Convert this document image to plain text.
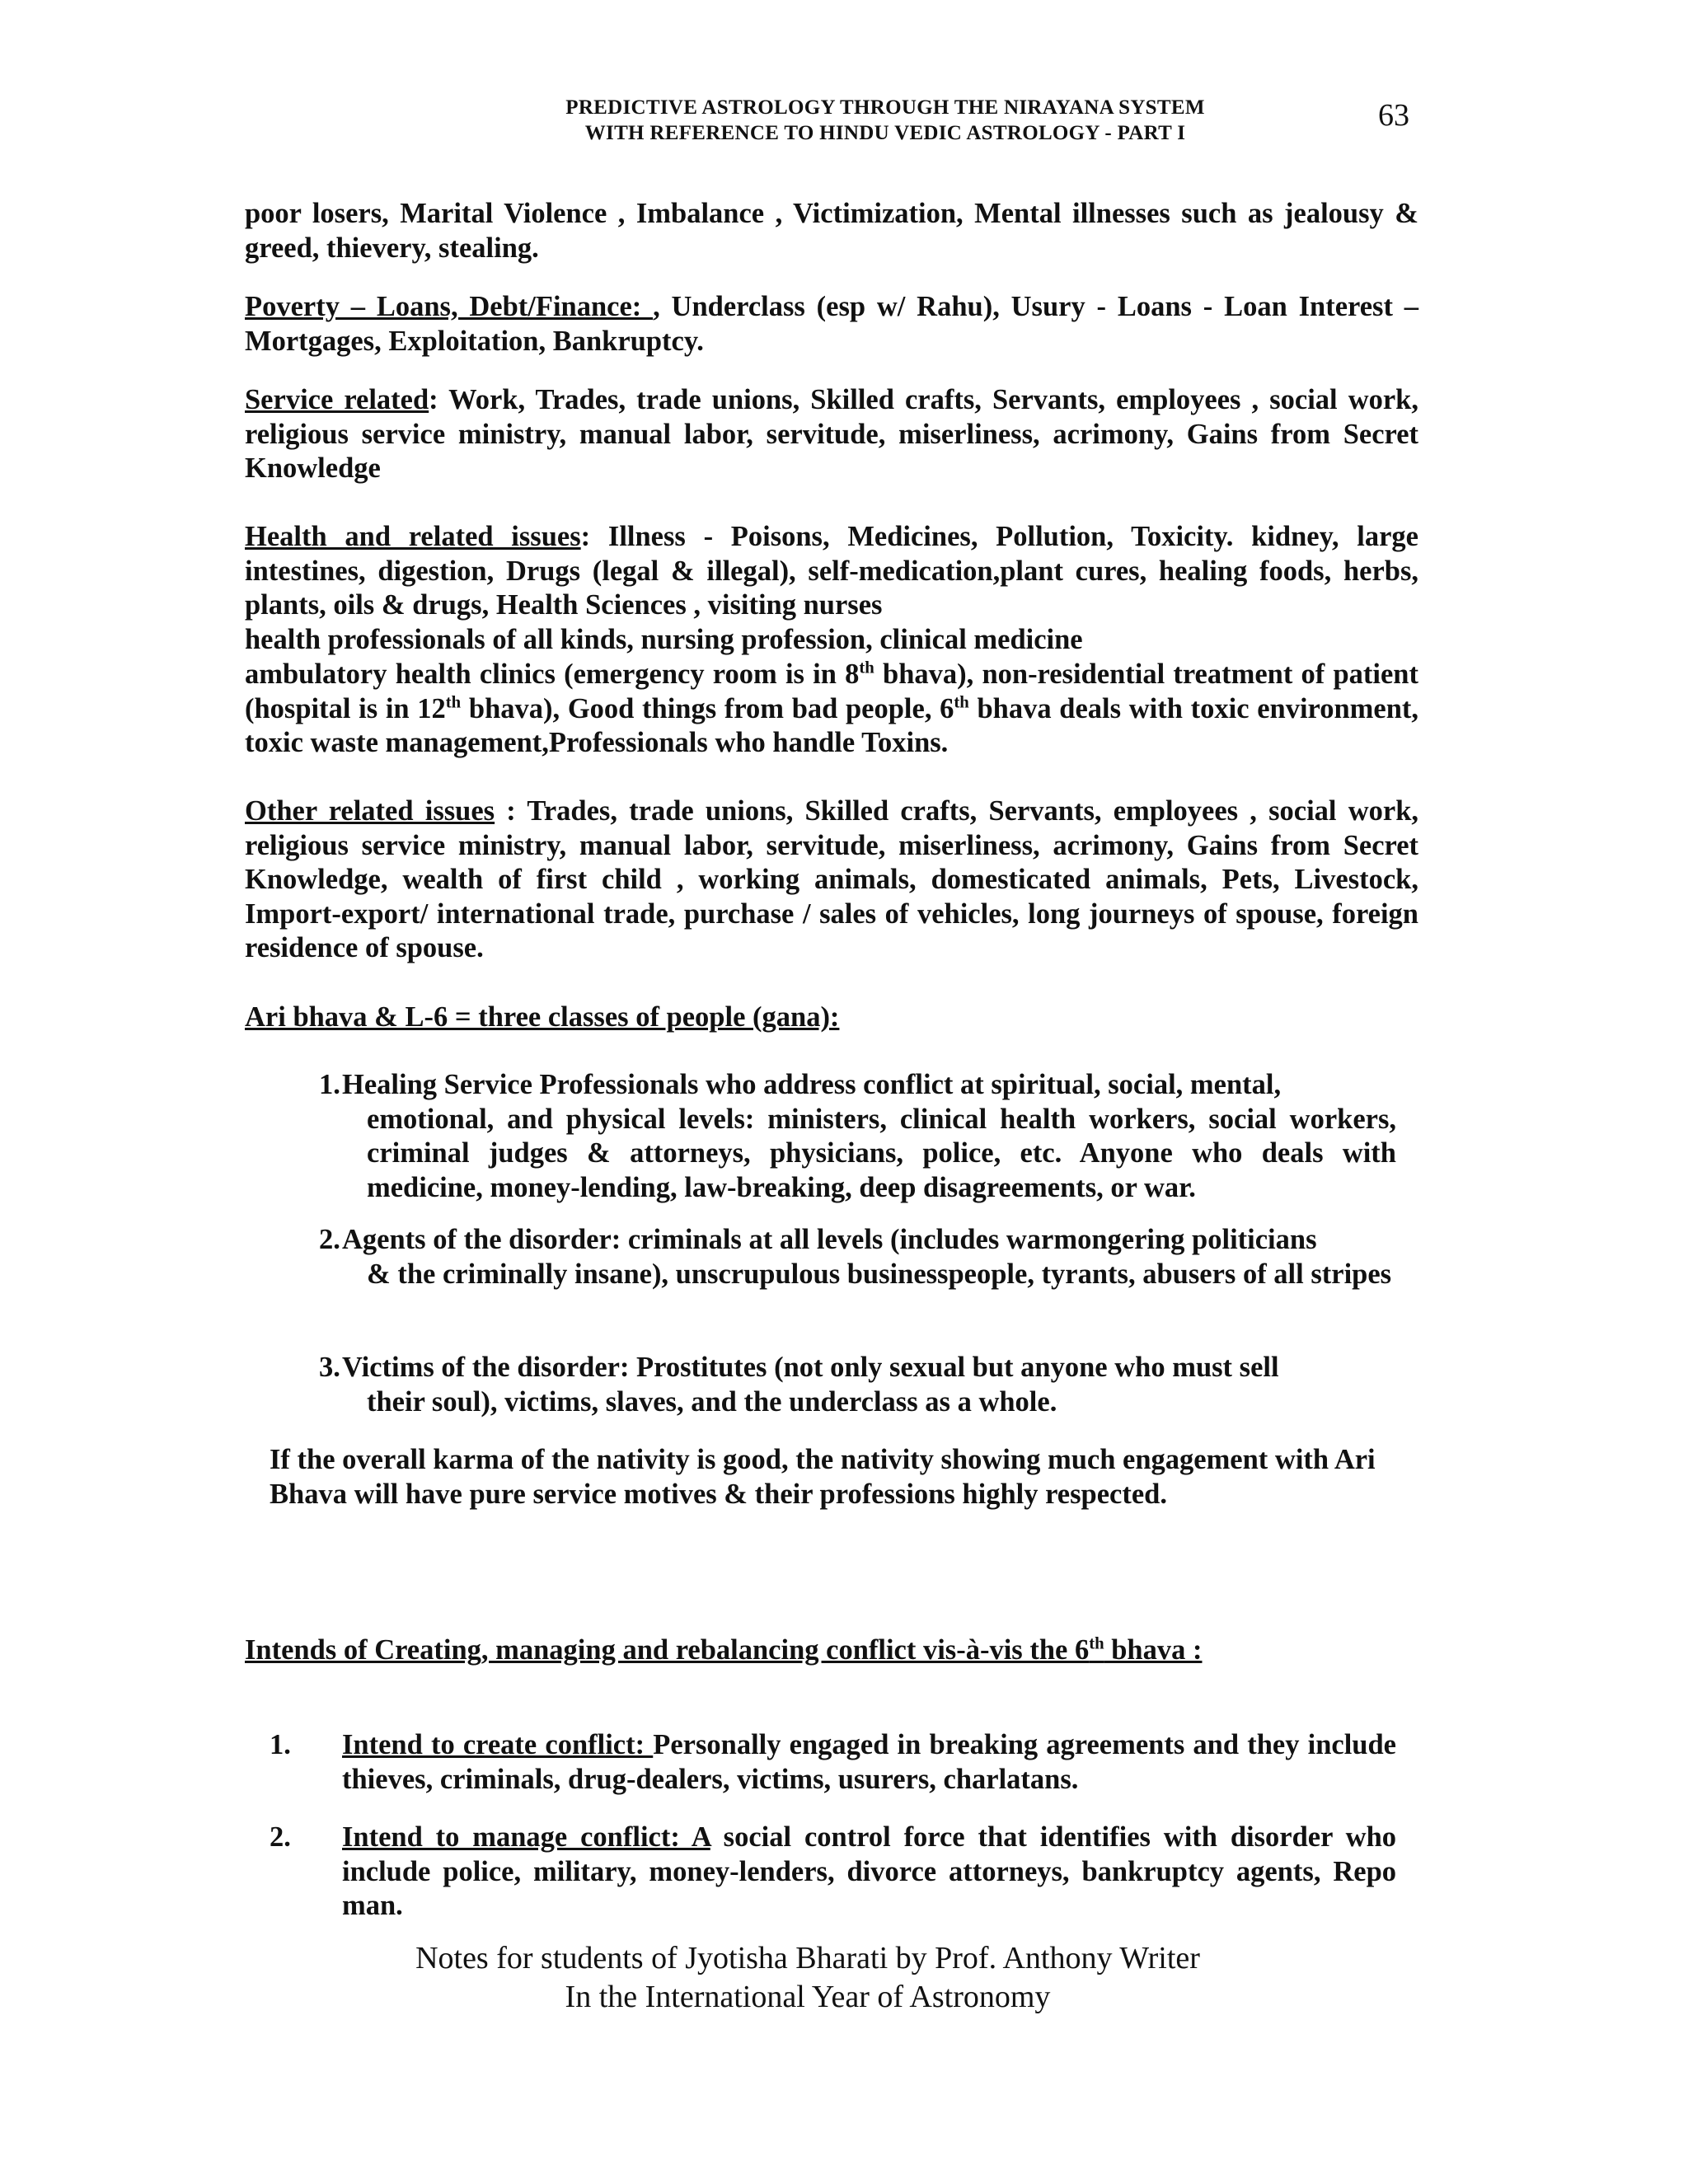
PREDICTIVE ASTROLOGY THROUGH THE NIRAYANA SYSTEM
WITH REFERENCE TO HINDU VEDIC ASTROLOGY - PART I
63
poor losers, Marital Violence , Imbalance , Victimization, Mental illnesses such as jealousy & greed, thievery, stealing.
Poverty – Loans, Debt/Finance: , Underclass (esp w/ Rahu), Usury - Loans - Loan Interest – Mortgages, Exploitation, Bankruptcy.
Service related: Work, Trades, trade unions, Skilled crafts, Servants, employees , social work, religious service ministry, manual labor, servitude, miserliness, acrimony, Gains from Secret Knowledge
Health and related issues: Illness - Poisons, Medicines, Pollution, Toxicity. kidney, large intestines, digestion, Drugs (legal & illegal), self-medication,plant cures, healing foods, herbs, plants, oils & drugs, Health Sciences , visiting nurses
health professionals of all kinds, nursing profession, clinical medicine
ambulatory health clinics (emergency room is in 8th bhava), non-residential treatment of patient (hospital is in 12th bhava), Good things from bad people, 6th bhava deals with toxic environment, toxic waste management,Professionals who handle Toxins.
Other related issues : Trades, trade unions, Skilled crafts, Servants, employees , social work, religious service ministry, manual labor, servitude, miserliness, acrimony, Gains from Secret Knowledge, wealth of first child , working animals, domesticated animals, Pets, Livestock, Import-export/ international trade, purchase / sales of vehicles, long journeys of spouse, foreign residence of spouse.
Ari bhava & L-6 = three classes of people (gana):
1.Healing Service Professionals who address conflict at spiritual, social, mental,
emotional, and physical levels: ministers, clinical health workers, social workers, criminal judges & attorneys, physicians, police, etc. Anyone who deals with medicine, money-lending, law-breaking, deep disagreements, or war.
2.Agents of the disorder: criminals at all levels (includes warmongering politicians
& the criminally insane), unscrupulous businesspeople, tyrants, abusers of all stripes
3.Victims of the disorder: Prostitutes (not only sexual but anyone who must sell
their soul), victims, slaves, and the underclass as a whole.
If the overall karma of the nativity is good, the nativity showing much engagement with Ari Bhava will have pure service motives & their professions highly respected.
Intends of Creating, managing and rebalancing conflict vis-à-vis the 6th bhava :
1. Intend to create conflict: Personally engaged in breaking agreements and they include thieves, criminals, drug-dealers, victims, usurers, charlatans.
2. Intend to manage conflict: A social control force that identifies with disorder who include police, military, money-lenders, divorce attorneys, bankruptcy agents, Repo man.
Notes for students of Jyotisha Bharati by Prof. Anthony Writer
In the International Year of Astronomy
